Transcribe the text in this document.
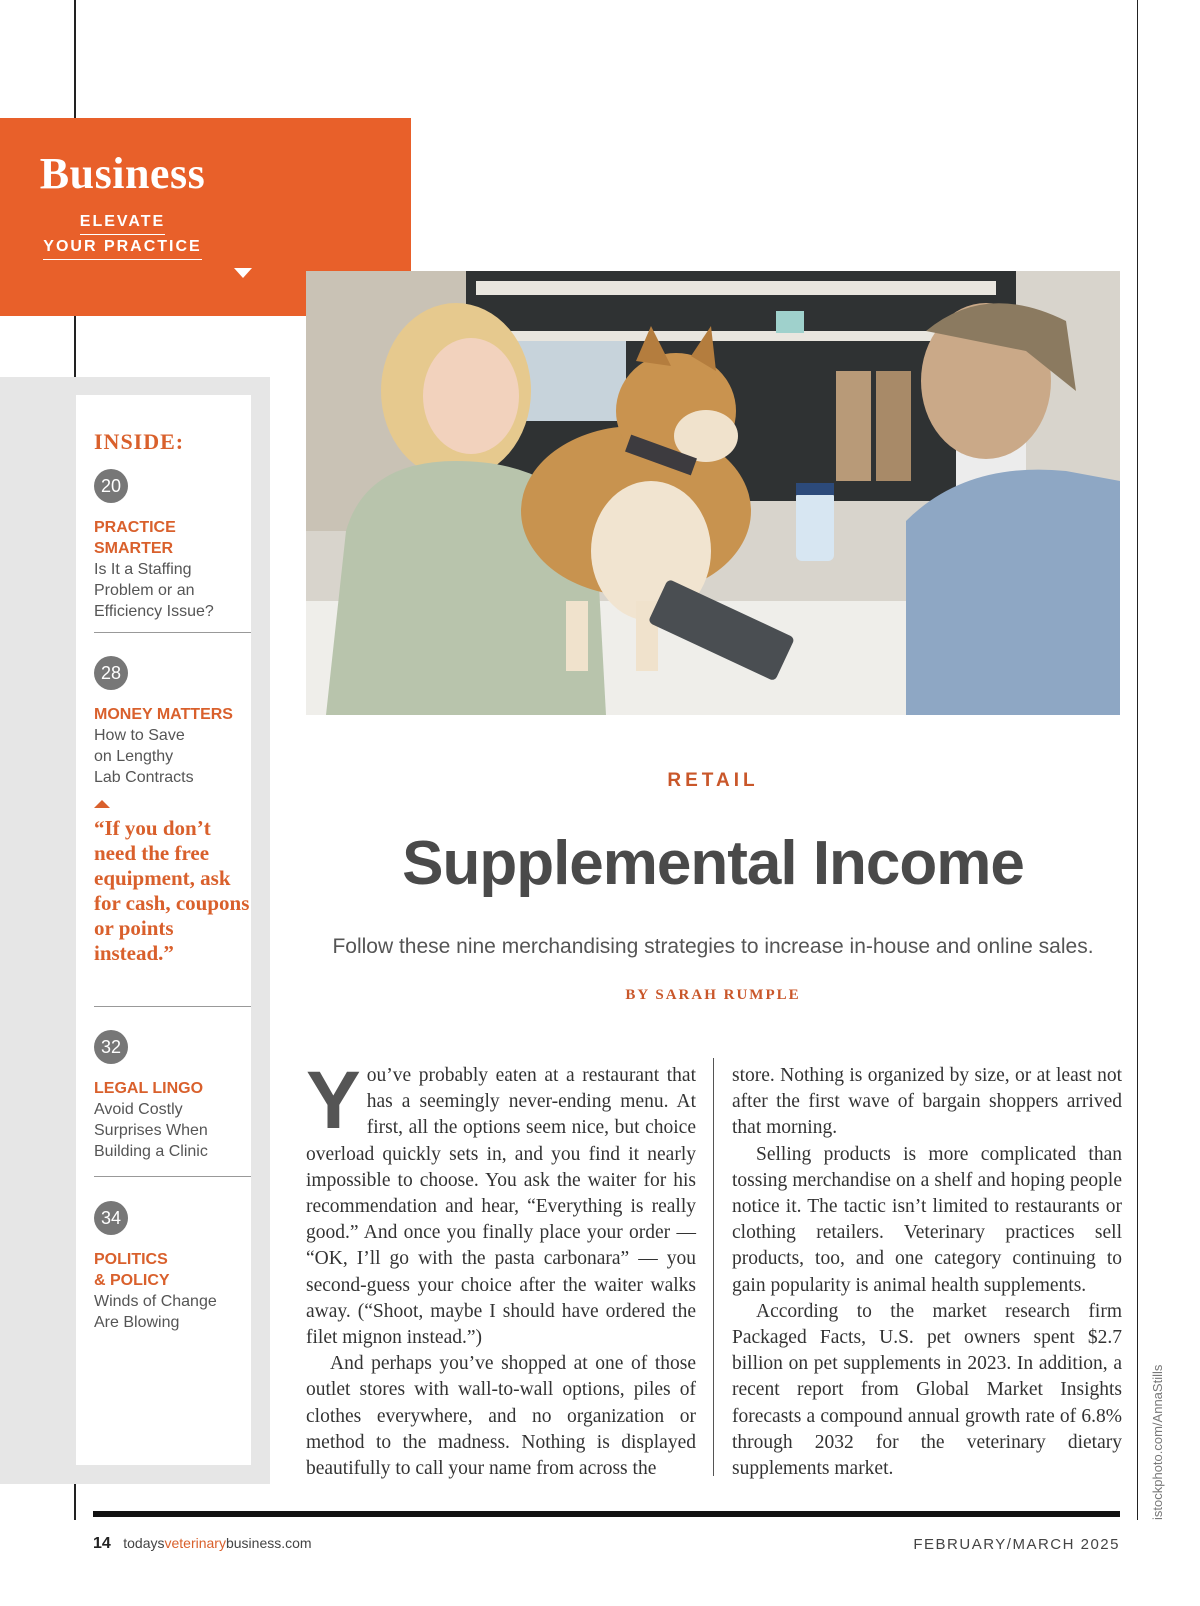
Business
ELEVATE
YOUR PRACTICE
INSIDE:
20
PRACTICE
SMARTER
Is It a Staffing
Problem or an
Efficiency Issue?
28
MONEY MATTERS
How to Save
on Lengthy
Lab Contracts
“If you don’t need the free equipment, ask for cash, coupons or points instead.”
32
LEGAL LINGO
Avoid Costly
Surprises When
Building a Clinic
34
POLITICS
& POLICY
Winds of Change
Are Blowing
RETAIL
Supplemental Income
Follow these nine merchandising strategies to increase in-house and online sales.
BY SARAH RUMPLE

You’ve probably eaten at a restaurant that has a seemingly never-ending menu. At first, all the options seem nice, but choice overload quickly sets in, and you find it nearly impossible to choose. You ask the waiter for his recommendation and hear, “Everything is really good.” And once you finally place your order — “OK, I’ll go with the pasta carbonara” — you second-guess your choice after the waiter walks away. (“Shoot, maybe I should have ordered the filet mignon instead.”)

And perhaps you’ve shopped at one of those outlet stores with wall-to-wall options, piles of clothes everywhere, and no organization or method to the madness. Nothing is displayed beautifully to call your name from across the

store. Nothing is organized by size, or at least not after the first wave of bargain shoppers arrived that morning.

Selling products is more complicated than tossing merchandise on a shelf and hoping people notice it. The tactic isn’t limited to restaurants or clothing retailers. Veterinary practices sell products, too, and one category continuing to gain popularity is animal health supplements.

According to the market research firm Packaged Facts, U.S. pet owners spent $2.7 billion on pet supplements in 2023. In addition, a recent report from Global Market Insights forecasts a compound annual growth rate of 6.8% through 2032 for the veterinary dietary supplements market.	istockphoto.com/AnnaStills
14 todaysveterinarybusiness.com	FEBRUARY/MARCH 2025
